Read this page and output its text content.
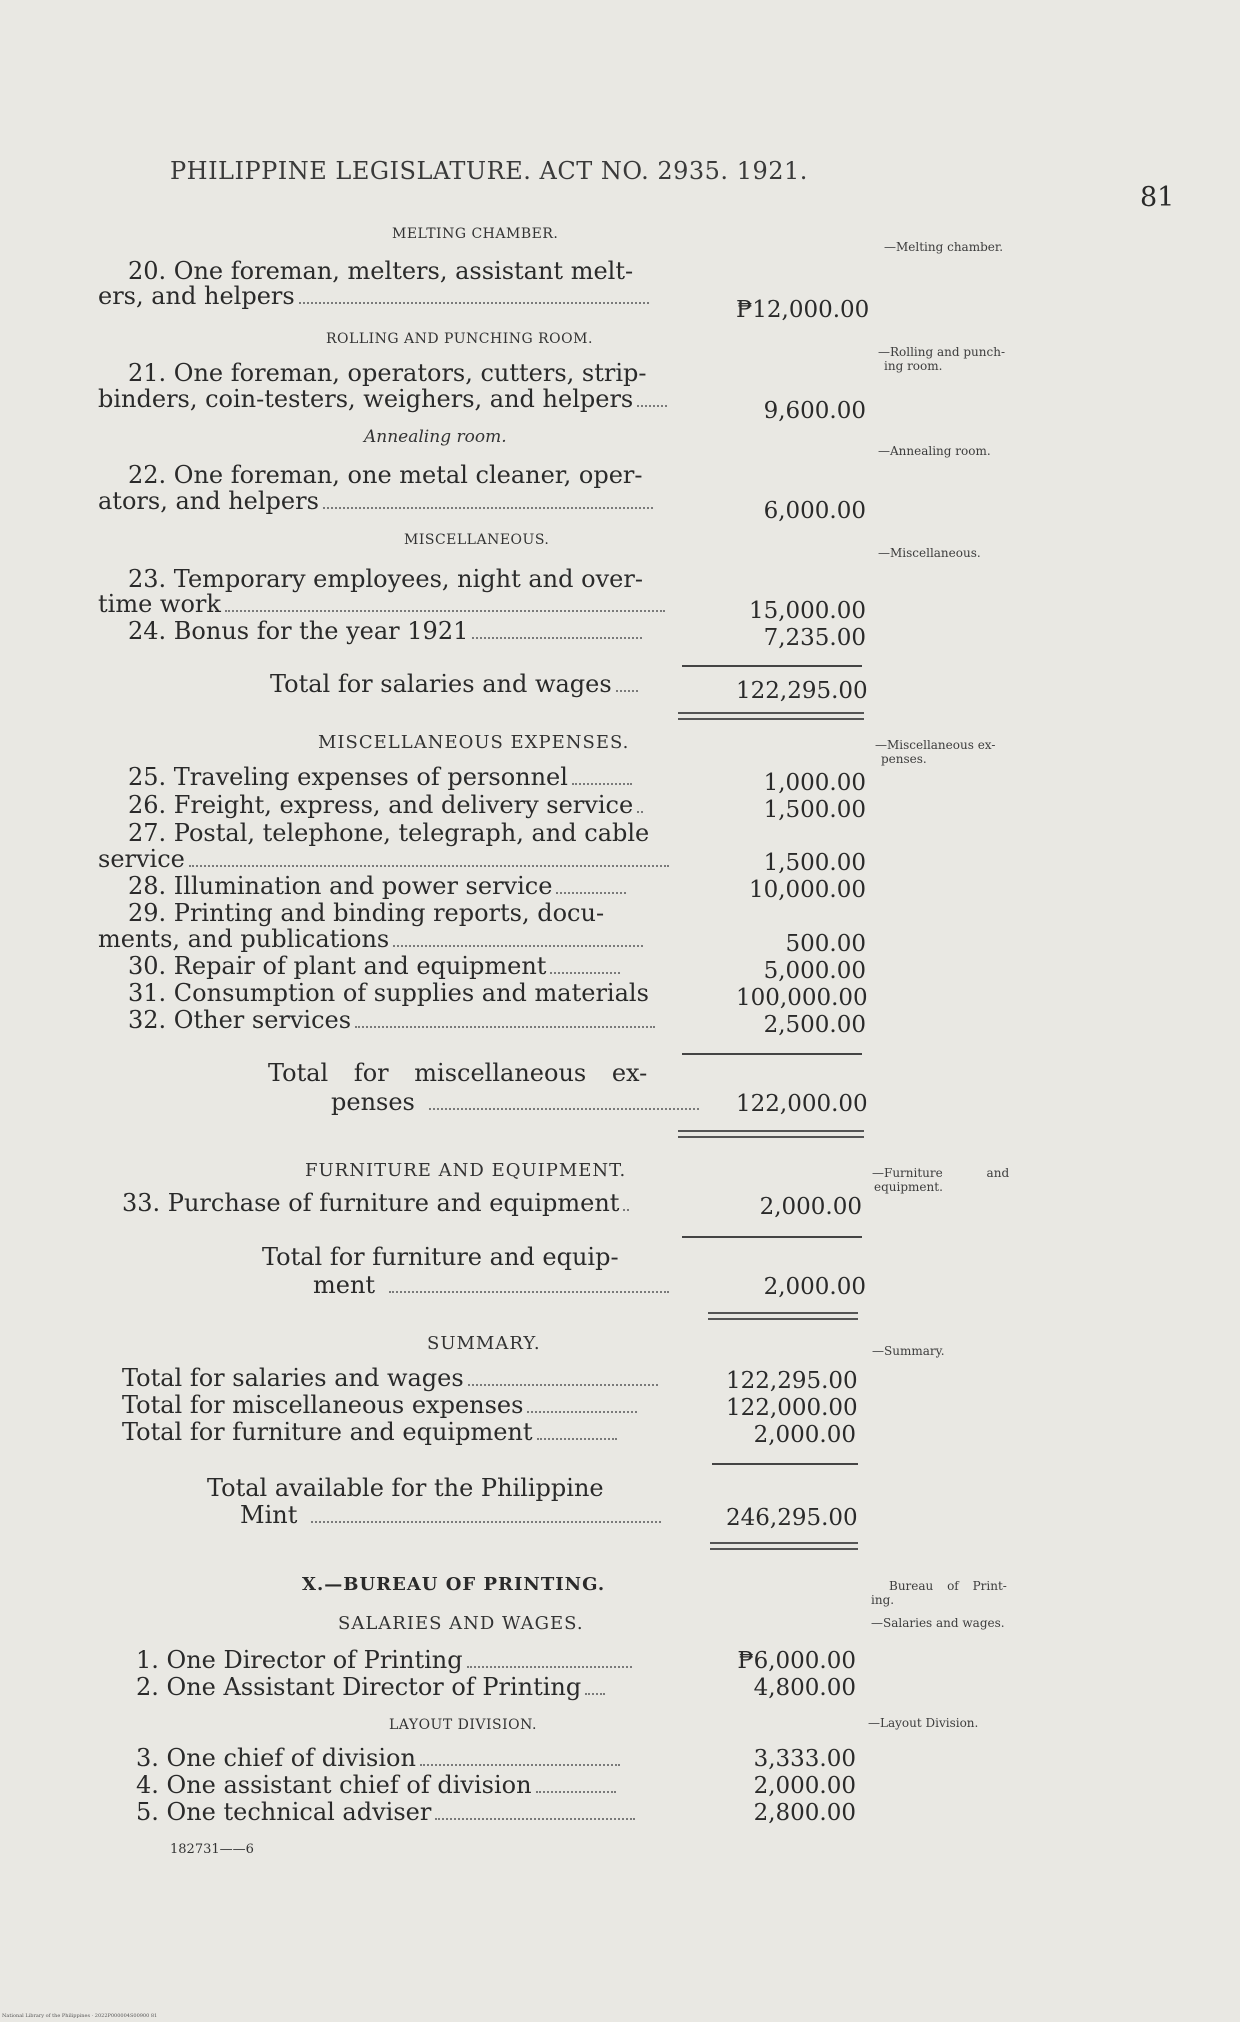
PHILIPPINE LEGISLATURE. ACT NO. 2935. 1921.
81
MELTING CHAMBER.
—Melting chamber.
20. One foreman, melters, assistant melt-
ers, and helpers	₱12,000.00
ROLLING AND PUNCHING ROOM.
—Rolling and punch-
ing room.
21. One foreman, operators, cutters, strip-
binders, coin-testers, weighers, and helpers	9,600.00
Annealing room.
—Annealing room.
22. One foreman, one metal cleaner, oper-
ators, and helpers	6,000.00
MISCELLANEOUS.
—Miscellaneous.
23. Temporary employees, night and over-
time work	15,000.00
24. Bonus for the year 1921	7,235.00
Total for salaries and wages	122,295.00
MISCELLANEOUS EXPENSES.	—Miscellaneous ex-
penses.
25. Traveling expenses of personnel	1,000.00
26. Freight, express, and delivery service	1,500.00
27. Postal, telephone, telegraph, and cable
service	1,500.00
28. Illumination and power service	10,000.00
29. Printing and binding reports, docu-
ments, and publications	500.00
30. Repair of plant and equipment	5,000.00
31. Consumption of supplies and materials	100,000.00
32. Other services	2,500.00
Total for miscellaneous ex-
penses	122,000.00
FURNITURE AND EQUIPMENT.	—Furniture and
equipment.
33. Purchase of furniture and equipment	2,000.00
Total for furniture and equip-
ment	2,000.00
SUMMARY.	—Summary.
Total for salaries and wages	122,295.00
Total for miscellaneous expenses	122,000.00
Total for furniture and equipment	2,000.00
Total available for the Philippine
Mint	246,295.00
X.—BUREAU OF PRINTING.	Bureau of Print-
ing.
SALARIES AND WAGES.	—Salaries and wages.
1. One Director of Printing	₱6,000.00
2. One Assistant Director of Printing	4,800.00
LAYOUT DIVISION.	—Layout Division.
3. One chief of division	3,333.00
4. One assistant chief of division	2,000.00
5. One technical adviser	2,800.00
182731——6
National Library of the Philippines · 2022P000004S00900 81
